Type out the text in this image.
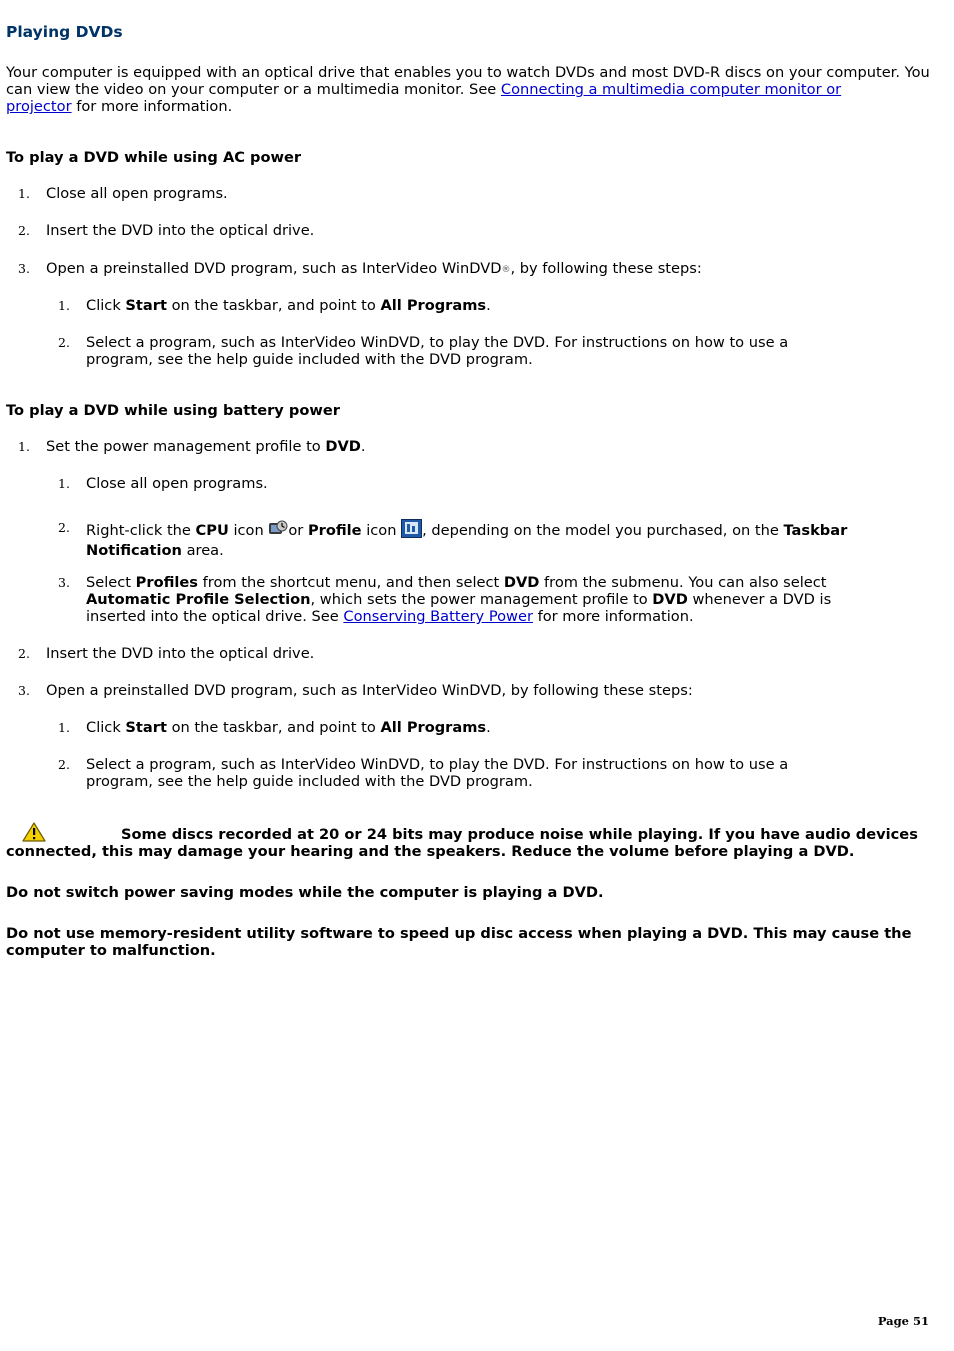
Playing DVDs

Your computer is equipped with an optical drive that enables you to watch DVDs and most DVD-R discs on your computer. You can view the video on your computer or a multimedia monitor. See Connecting a multimedia computer monitor or
projector for more information.

To play a DVD while using AC power

1. Close all open programs.
2. Insert the DVD into the optical drive.
3. Open a preinstalled DVD program, such as InterVideo WinDVD®, by following these steps:
1. Click Start on the taskbar, and point to All Programs.
2. Select a program, such as InterVideo WinDVD, to play the DVD. For instructions on how to use a program, see the help guide included with the DVD program.

To play a DVD while using battery power

1. Set the power management profile to DVD.
1. Close all open programs.
2. Right-click the CPU icon or Profile icon , depending on the model you purchased, on the Taskbar Notification area.
3. Select Profiles from the shortcut menu, and then select DVD from the submenu. You can also select Automatic Profile Selection, which sets the power management profile to DVD whenever a DVD is inserted into the optical drive. See Conserving Battery Power for more information.
2. Insert the DVD into the optical drive.
3. Open a preinstalled DVD program, such as InterVideo WinDVD, by following these steps:
1. Click Start on the taskbar, and point to All Programs.
2. Select a program, such as InterVideo WinDVD, to play the DVD. For instructions on how to use a program, see the help guide included with the DVD program.

Some discs recorded at 20 or 24 bits may produce noise while playing. If you have audio devices connected, this may damage your hearing and the speakers. Reduce the volume before playing a DVD.

Do not switch power saving modes while the computer is playing a DVD.

Do not use memory-resident utility software to speed up disc access when playing a DVD. This may cause the computer to malfunction.

Page 51
